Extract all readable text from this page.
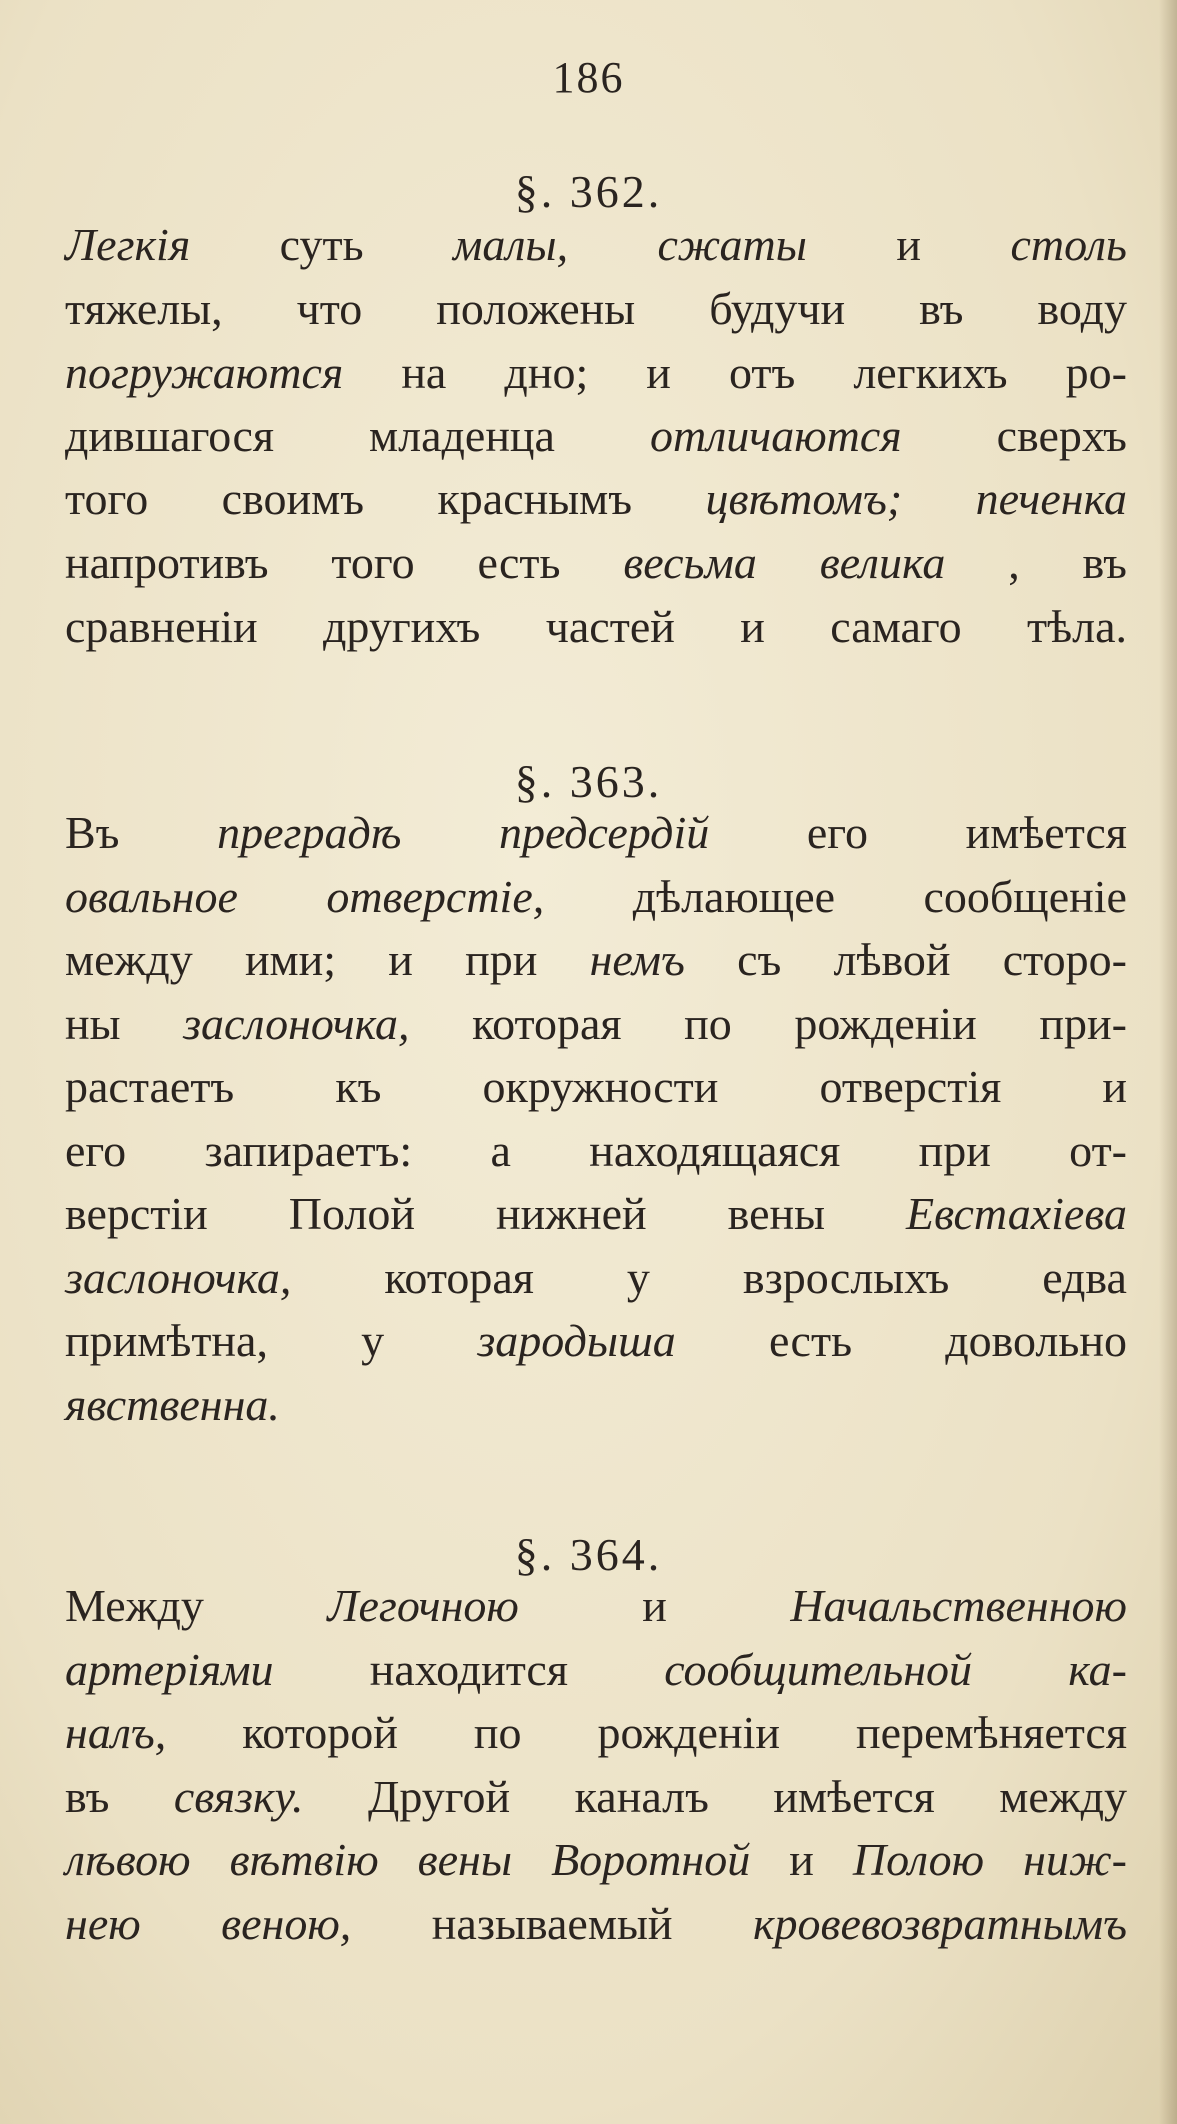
186
§. 362.
Легкія суть малы, сжаты и столь
тяжелы, что положены будучи въ воду
погружаются на дно; и отъ легкихъ ро-
дившагося младенца отличаются сверхъ
того своимъ краснымъ цвѣтомъ; печенка
напротивъ того есть весьма велика , въ
сравненіи другихъ частей и самаго тѣла.
§. 363.
Въ преградѣ предсердій его имѣется
овальное отверстіе, дѣлающее сообщеніе
между ими; и при немъ съ лѣвой сторо-
ны заслоночка, которая по рожденіи при-
растаетъ къ окружности отверстія и
его запираетъ: а находящаяся при от-
верстіи Полой нижней вены Евстахіева
заслоночка, которая у взрослыхъ едва
примѣтна, у зародыша есть довольно
явственна.
§. 364.
Между	Легочною	и	Начальственною
артеріями находится сообщительной ка-
налъ, которой по рожденіи перемѣняется
въ связку. Другой каналъ имѣется между
лѣвою вѣтвію вены Воротной и Полою ниж-
нею веною, называемый кровевозвратнымъ
